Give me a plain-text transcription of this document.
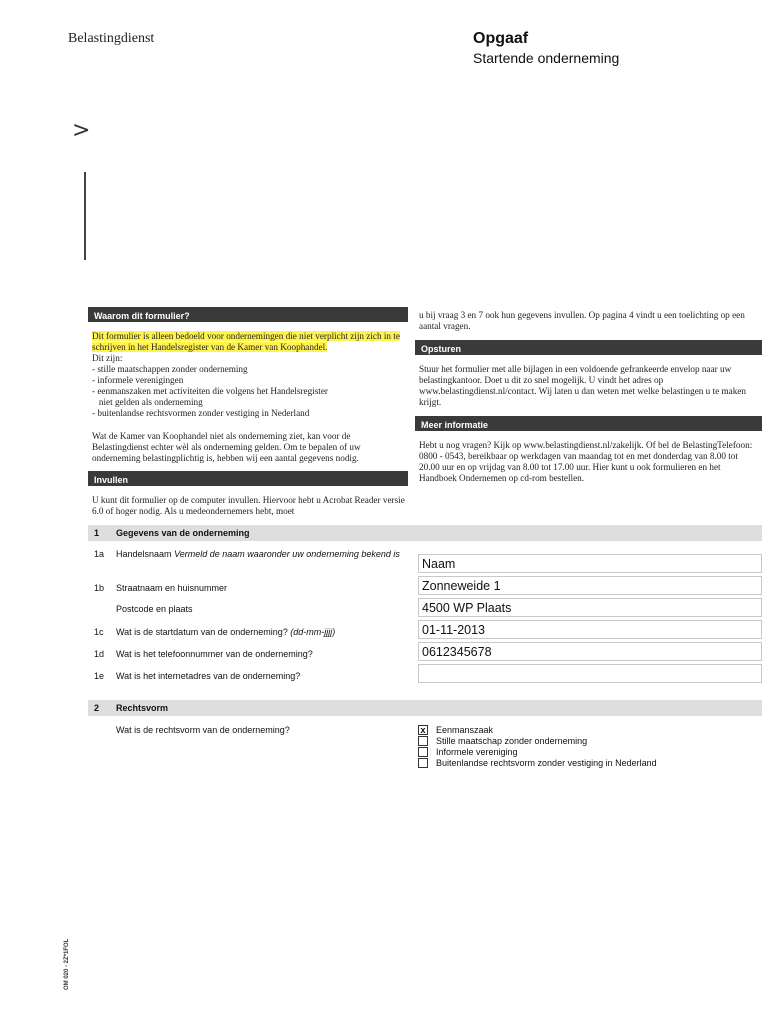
Belastingdienst	Opgaaf
Startende onderneming
>
Waarom dit formulier?
Dit formulier is alleen bedoeld voor ondernemingen die niet verplicht zijn zich in te schrijven in het Handelsregister van de Kamer van Koophandel.
Dit zijn:
- stille maatschappen zonder onderneming
- informele verenigingen
- eenmanszaken met activiteiten die volgens het Handelsregister
niet gelden als onderneming
- buitenlandse rechtsvormen zonder vestiging in Nederland
Wat de Kamer van Koophandel niet als onderneming ziet, kan voor de Belastingdienst echter wèl als onderneming gelden. Om te bepalen of uw onderneming belastingplichtig is, hebben wij een aantal gegevens nodig.
Invullen
U kunt dit formulier op de computer invullen. Hiervoor hebt u Acrobat Reader versie 6.0 of hoger nodig. Als u medeondernemers hebt, moet
u bij vraag 3 en 7 ook hun gegevens invullen. Op pagina 4 vindt u een toelichting op een aantal vragen.
Opsturen
Stuur het formulier met alle bijlagen in een voldoende gefrankeerde envelop naar uw belastingkantoor. Doet u dit zo snel mogelijk. U vindt het adres op www.belastingdienst.nl/contact. Wij laten u dan weten met welke belastingen u te maken krijgt.
Meer informatie
Hebt u nog vragen? Kijk op www.belastingdienst.nl/zakelijk. Of bel de BelastingTelefoon: 0800 - 0543, bereikbaar op werkdagen van maandag tot en met donderdag van 8.00 tot 20.00 uur en op vrijdag van 8.00 tot 17.00 uur. Hier kunt u ook formulieren en het Handboek Ondernemen op cd-rom bestellen.
1 Gegevens van de onderneming
1a Handelsnaam Vermeld de naam waaronder uw onderneming bekend is
Naam
1b Straatnaam en huisnummer	Zonneweide 1
Postcode en plaats	4500 WP Plaats
1c Wat is de startdatum van de onderneming? (dd-mm-jjjj)	01-11-2013
1d Wat is het telefoonnummer van de onderneming?	0612345678
1e Wat is het internetadres van de onderneming?
2 Rechtsvorm
Wat is de rechtsvorm van de onderneming?	x Eenmanszaak
Stille maatschap zonder onderneming
Informele vereniging
Buitenlandse rechtsvorm zonder vestiging in Nederland
OM 020 - 2Z*1FOL
